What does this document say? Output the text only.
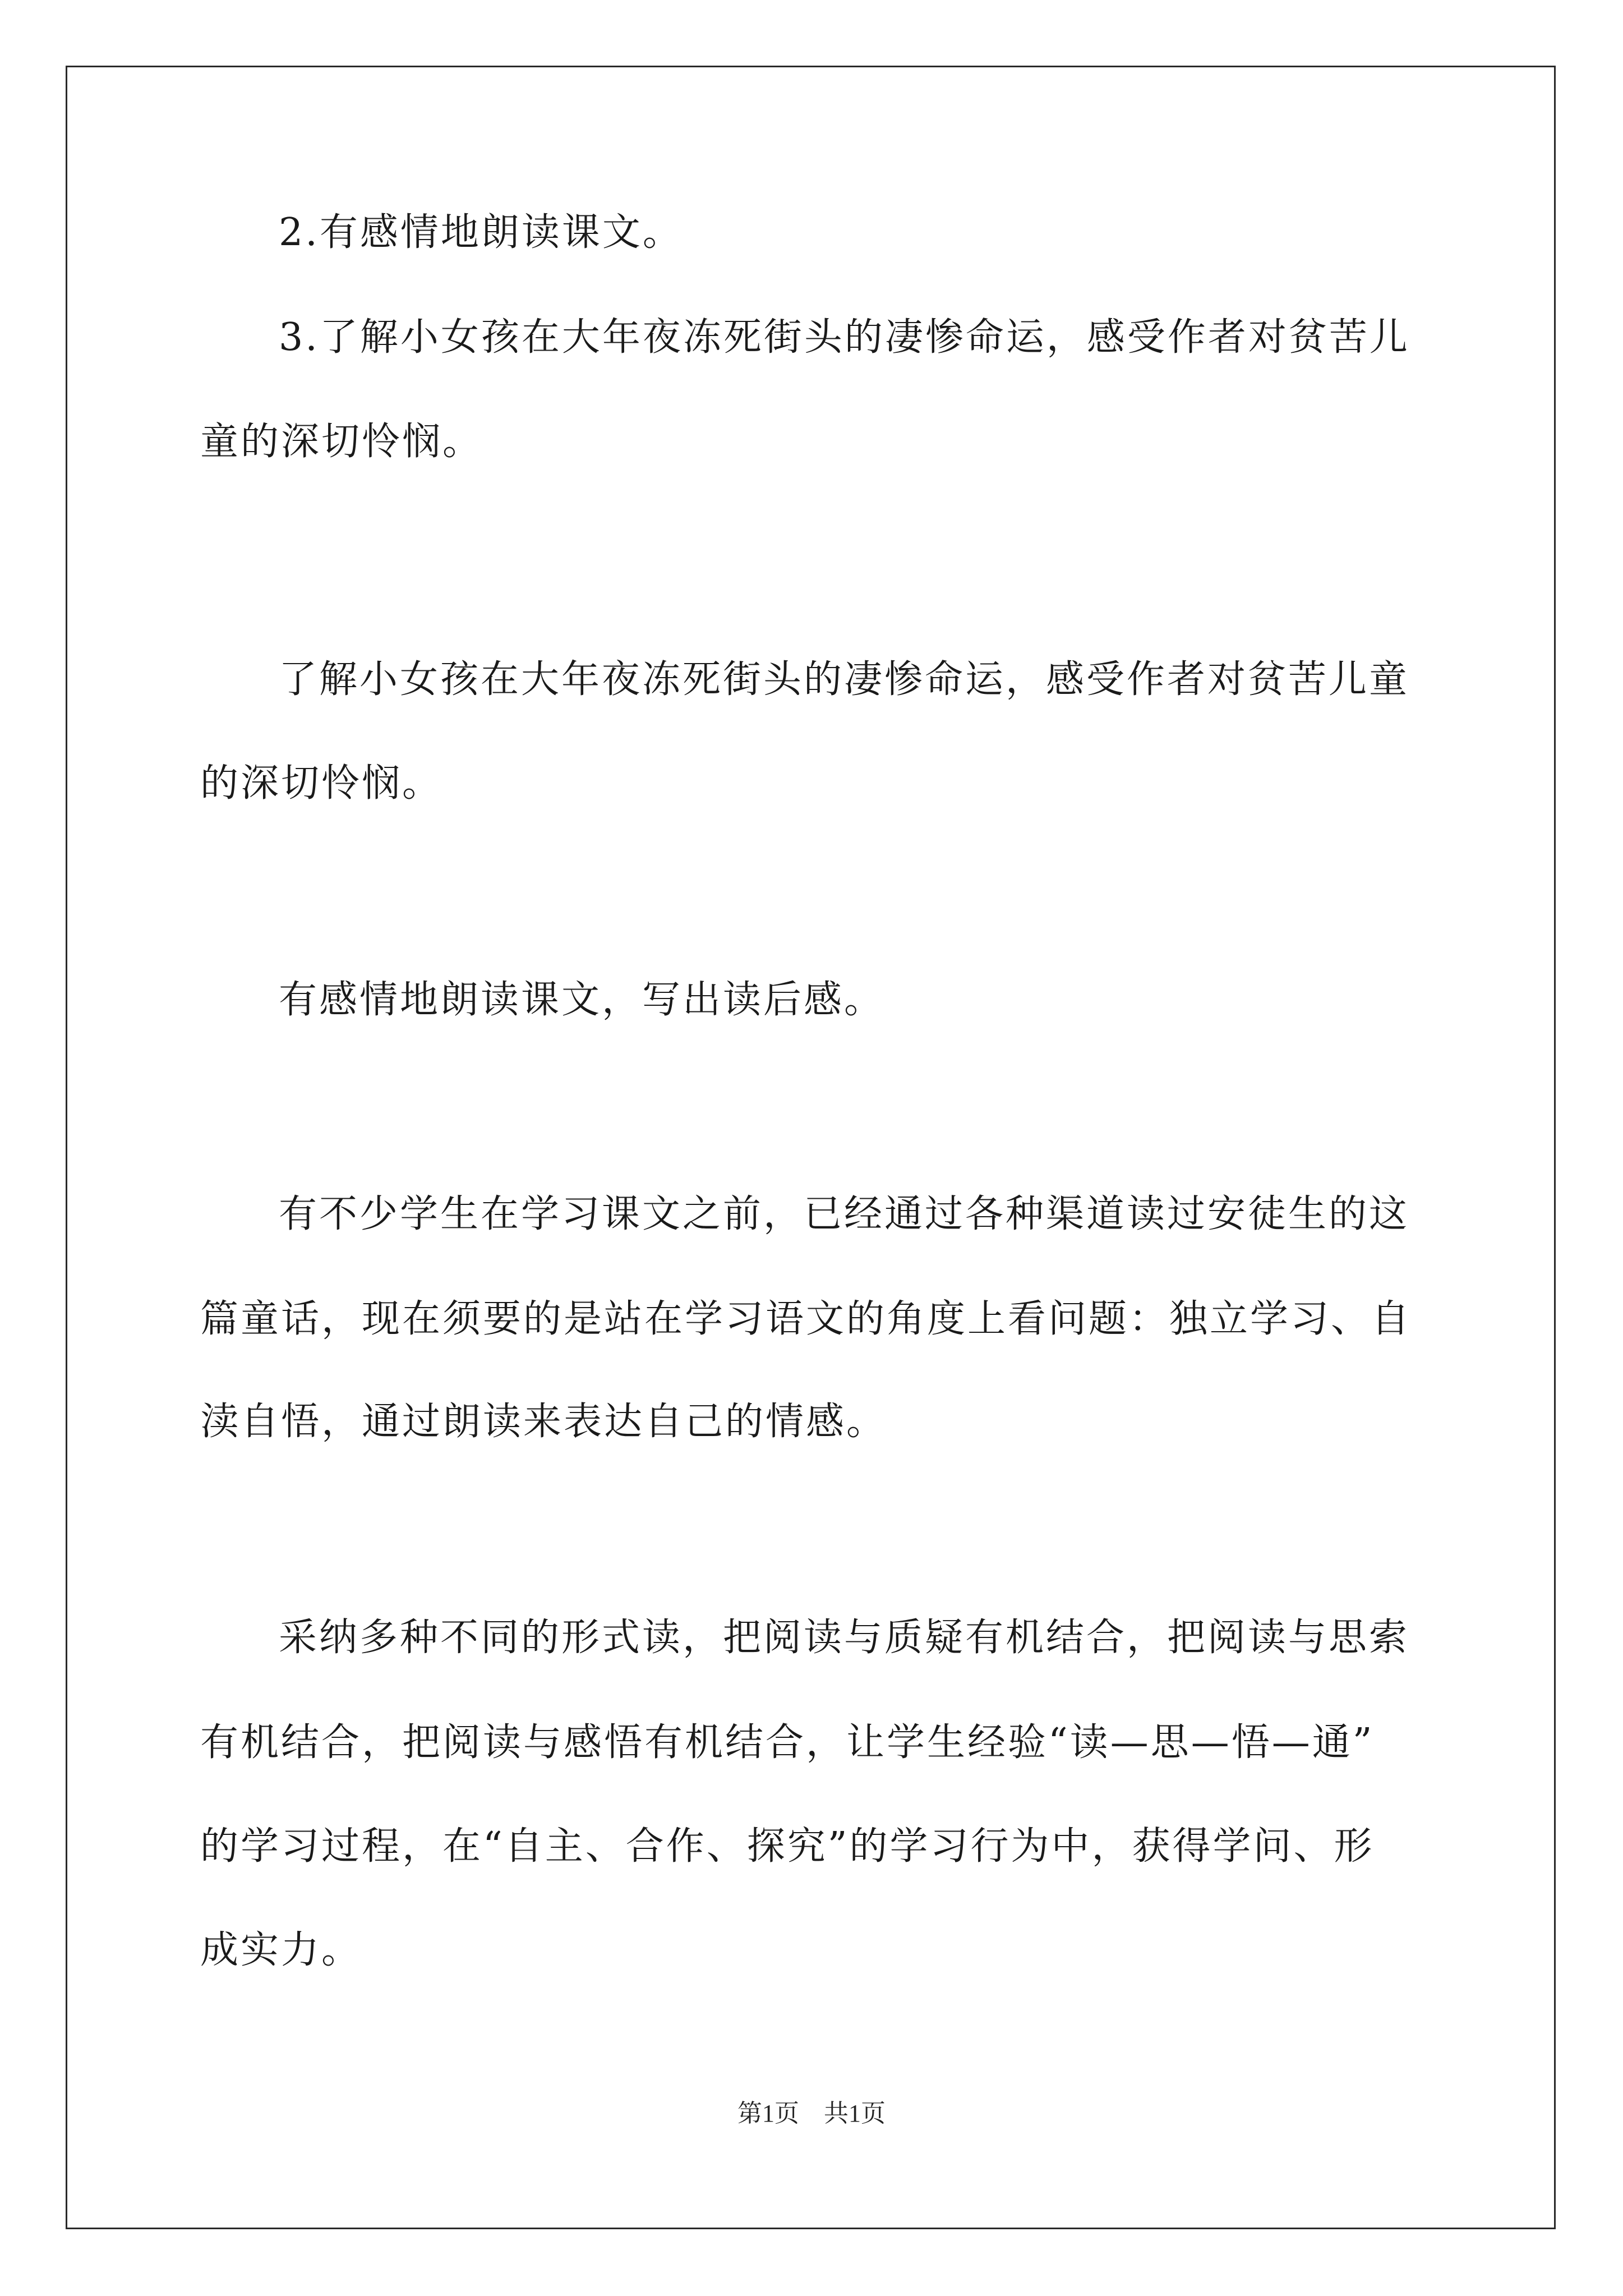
2.有感情地朗读课文。
3.了解小女孩在大年夜冻死街头的凄惨命运，感受作者对贫苦儿
童的深切怜悯。
了解小女孩在大年夜冻死街头的凄惨命运，感受作者对贫苦儿童
的深切怜悯。
有感情地朗读课文，写出读后感。
有不少学生在学习课文之前，已经通过各种渠道读过安徒生的这
篇童话，现在须要的是站在学习语文的角度上看问题：独立学习、自
渎自悟，通过朗读来表达自己的情感。
采纳多种不同的形式读，把阅读与质疑有机结合，把阅读与思索
有机结合，把阅读与感悟有机结合，让学生经验“读—思—悟—通”
的学习过程，在“自主、合作、探究”的学习行为中，获得学问、形
成实力。
第1页　共1页
